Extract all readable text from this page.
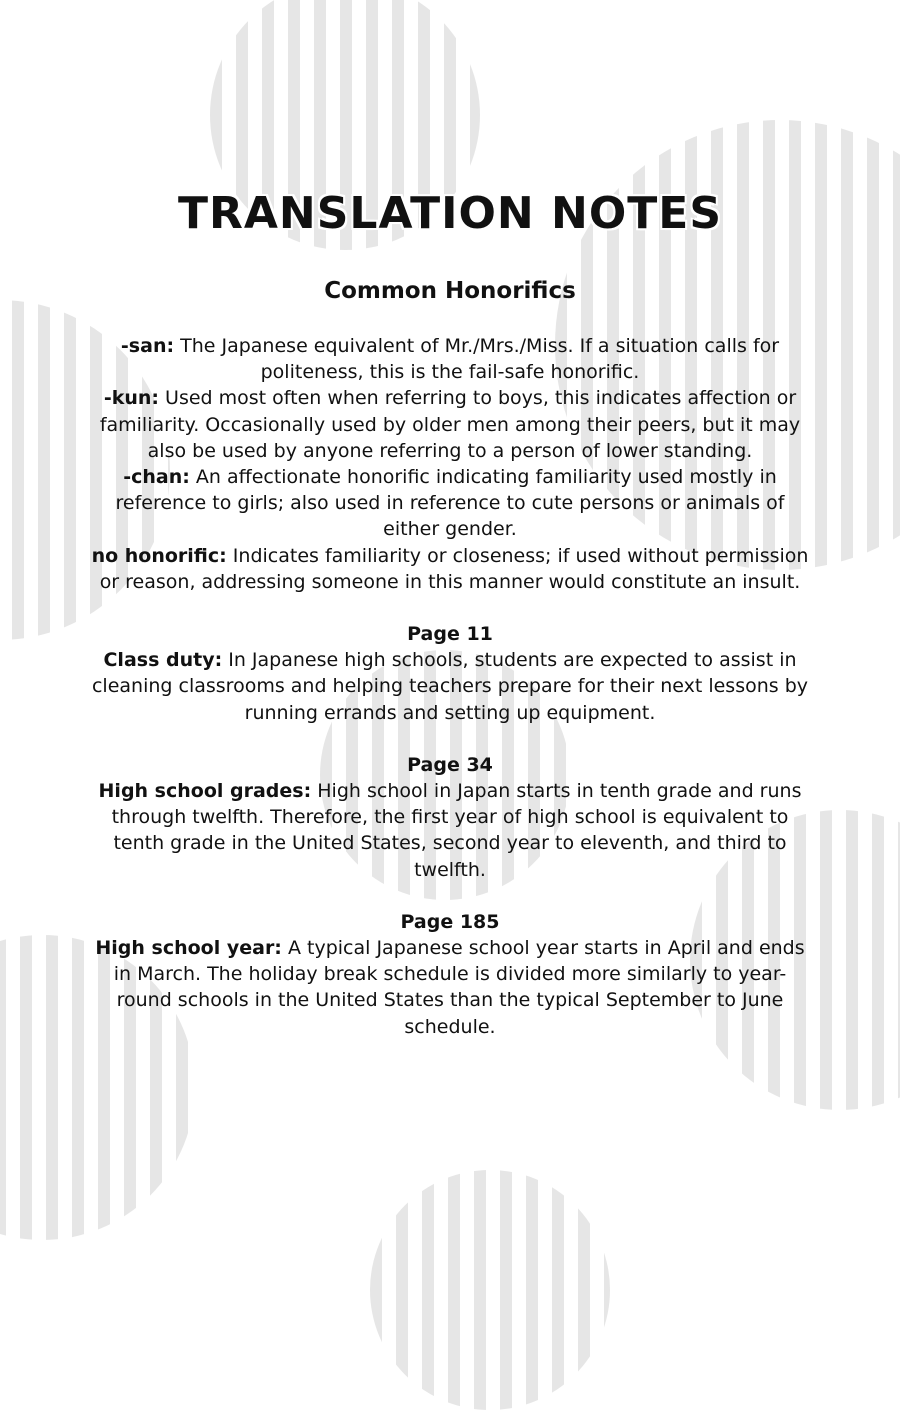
TRANSLATION NOTES
Common Honorifics

-san: The Japanese equivalent of Mr./Mrs./Miss. If a situation calls for politeness, this is the fail-safe honorific.

-kun: Used most often when referring to boys, this indicates affection or familiarity. Occasionally used by older men among their peers, but it may also be used by anyone referring to a person of lower standing.

-chan: An affectionate honorific indicating familiarity used mostly in reference to girls; also used in reference to cute persons or animals of either gender.

no honorific: Indicates familiarity or closeness; if used without permission or reason, addressing someone in this manner would constitute an insult.

Page 11

Class duty: In Japanese high schools, students are expected to assist in cleaning classrooms and helping teachers prepare for their next lessons by running errands and setting up equipment.

Page 34

High school grades: High school in Japan starts in tenth grade and runs through twelfth. Therefore, the first year of high school is equivalent to tenth grade in the United States, second year to eleventh, and third to twelfth.

Page 185

High school year: A typical Japanese school year starts in April and ends in March. The holiday break schedule is divided more similarly to year-round schools in the United States than the typical September to June schedule.
